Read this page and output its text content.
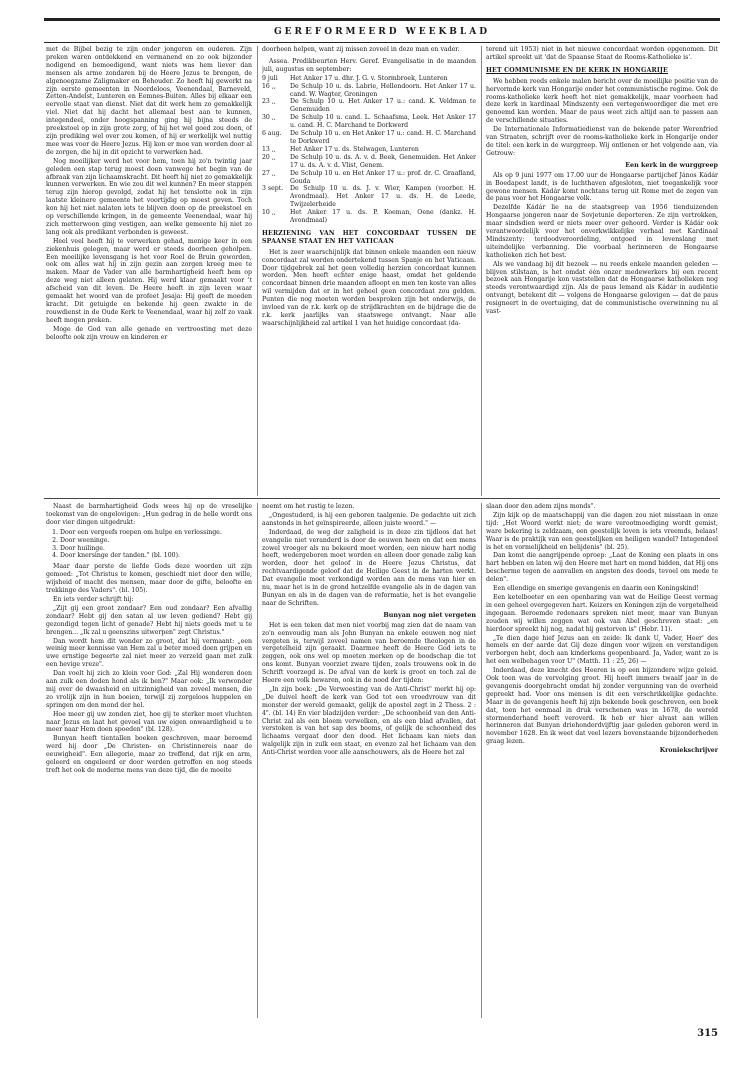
GEREFORMEERD WEEKBLAD

met de Bijbel bezig te zijn onder jongeren en ouderen. Zijn preken waren ontdekkend en vermanend en zo ook bijzonder nodigend en bemoedigend, want niets was hem liever dan mensen als arme zondaren bij de Heere Jezus te brengen, de algenoegzame Zaligmaker en Behouder. Zo heeft hij gewerkt na zijn eerste gemeenten in Noordeloos, Veenendaal, Barneveld, Zetten-Andelst, Lunteren en Eemnes-Buiten. Alles bij elkaar een eervolle staat van dienst. Niet dat dit werk hem zo gemakkelijk viel. Niet dat hij dacht het allemaal best aan te kunnen, integendeel, onder hoogspanning ging hij bijna steeds de preekstoel op in zijn grote zorg, of hij het wel goed zou doen, of zijn prediking wel over zou komen, of hij er werkelijk wel nuttig mee was voor de Heere Jezus. Hij kon er moe van worden door al de zorgen, die hij in dit opzicht te verwerken had.

Nog moeilijker werd het voor hem, toen hij zo'n twintig jaar geleden een stap terug moest doen vanwege het begin van de afbraak van zijn lichaamskracht. Dit heeft hij niet zo gemakkelijk kunnen verwerken. En wie zou dit wel kunnen? En meer stappen terug zijn hierop gevolgd, zodat hij het tenslotte ook in zijn laatste kleinere gemeente het voortijdig op moest geven. Toch kon hij het niet nalaten iets te blijven doen op de preekstoel en op verschillende kringen, in de gemeente Veenendaal, waar hij zich metterwoon ging vestigen, aan welke gemeente hij niet zo lang ook als predikant verbonden is geweest.

Heel veel heeft hij te verwerken gehad, menige keer in een ziekenhuis gelegen, maar werd er steeds doorheen geholpen. Een moeilijke levensgang is het voor Roel de Bruin geworden, ook om alles wat hij in zijn gezin aan zorgen kreeg mee te maken. Maar de Vader van alle barmhartigheid heeft hem op deze weg niet alleen gelaten. Hij werd klaar gemaakt voor 't afscheid van dit leven. De Heere heeft in zijn leven waar gemaakt het woord van de profeet Jesaja: Hij geeft de moeden kracht. Dit getuigde en bekende hij geen zwakte in de rouwdienst in de Oude Kerk te Veenendaal, waar hij zelf zo vaak heeft mogen preken.

Moge de God van alle genade en vertroosting met deze beloofte ook zijn vrouw en kinderen er

doorheen helpen, want zij missen zoveel in deze man en vader.

Assea. Predikbeurten Herv. Geref. Evangelisatie in de maanden juli, augustus en september:

9 juli	Het Anker 17 u. dhr. J. G. v. Stormbroek, Lunteren
16 ,,	De Schulp 10 u. ds. Labrie, Hellendoorn. Het Anker 17 u. cand. W. Wagter, Groningen
23 ,,	De Schulp 10 u. Het Anker 17 u.: cand. K. Veldman te Genemuiden
30 ,,	De Schulp 10 u. cand. L. Schaafsma, Leek. Het Anker 17 u. cand. H. C. Marchand te Dorkwerd
6 aug.	De Schulp 10 u. en Het Anker 17 u.: cand. H. C. Marchand te Dorkwerd
13 ,,	Het Anker 17 u. ds. Stelwagen, Lunteren
20 ,,	De Schulp 10 u. ds. A. v. d. Beek, Genemuiden. Het Anker 17 u. ds. A. v. d. Vlist, Genem.
27 ,,	De Schulp 10 u. en Het Anker 17 u.: prof. dr. C. Graafland, Gouda
3 sept.	De Schulp 10 u. ds. J. v. Wier, Kampen (voorber. H. Avondmaal). Het Anker 17 u. ds. H. de Leede, Twijzelerheide
10 ,,	Het Anker 17 u. ds. P. Koeman, Oene (dankz. H. Avondmaal)
HERZIENING VAN HET CONCORDAAT TUSSEN DE SPAANSE STAAT EN HET VATICAAN

Het is zeer waarschijnlijk dat binnen enkele maanden een nieuw concordaat zal worden ondertekend tussen Spanje en het Vaticaan. Door tijdgebrek zal het geen volledig herzien concordaat kunnen worden. Men heeft echter enige haast, omdat het geldende concordaat binnen drie maanden afloopt en men ten koste van alles wil vermijden dat er in het geheel geen concordaat zou gelden. Punten die nog moeten worden besproken zijn het onderwijs, de invloed van de r.k. kerk op de strijdkrachten en de bijdrage die de r.k. kerk jaarlijks van staatswege ontvangt. Naar alle waarschijnlijkheid zal artikel 1 van het huidige concordaat (da-

terend uit 1953) niet in het nieuwe concordaat worden opgenomen. Dit artikel spreekt uit 'dat de Spaanse Staat de Rooms-Katholieke is'.

HET COMMUNISME EN DE KERK IN HONGARIJE

We hebben reeds enkele malen bericht over de moeilijke positie van de hervormde kerk van Hongarije onder het communistische regime. Ook de rooms-katholieke kerk heeft het niet gemakkelijk, maar voorheen had deze kerk in kardinaal Mindszenty een vertegenwoordiger die met ere genoemd kan worden. Maar de paus weet zich altijd aan te passen aan de verschillende situaties.

De Internationale Informatiedienst van de bekende pater Werenfried van Straaten, schrijft over de rooms-katholieke kerk in Hongarije onder de titel: een kerk in de wurggreep. Wij ontlenen er het volgende aan, via Getrouw:

Een kerk in de wurggreep

Als op 9 juni 1977 om 17.00 uur de Hongaarse partijchef János Kádár in Boedapest landt, is de luchthaven afgesloten, niet toegankelijk voor gewone mensen. Kádár komt nochtans terug uit Rome met de zegen van de paus voor het Hongaarse volk.

Dezelfde Kádár lie na de staatsgreep van 1956 tienduizenden Hongaarse jongeren naar de Sovjetunie deporteren. Ze zijn vertrokken, maar sindsdien werd er niets meer over gehoord. Verder is Kádár ook verantwoordelijk voor het onverkwikkelijke verhaal met Kardinaal Mindszenty: terdoodveroordeling, ontgoed in levenslang met uiteindelijke verbanning. Die voorbaal herinneren de Hongaarse katholieken zich het best.

Als we vandaag bij dit bezoek — nu reeds enkele maanden geleden — blijven stilstaan, is het omdat één onzer medewerkers bij een recent bezoek aan Hongarije kon vaststellen dat de Hongaarse katholieken nog steeds verontwaardigd zijn. Als de paus lemand als Kádár in audiëntie ontvangt, betekent dit — volgens de Hongaarse gelovigen — dat de paus resigneert in de overtuiging, dat de communistische overwinning nu al vast-

Naast de barmhartigheid Gods wees hij op de vreselijke toekomst van de ongelovigen: „Hun gedrag in de helle wordt ons door vier dingen uitgedrukt:

1. Door een vergeefs roepen om hulpe en verlossinge.
2. Door weeninge.
3. Door huilinge.
4. Door knersinge der tanden." (bl. 100).

Maar daar perste de liefde Gods deze woorden uit zijn gemoed: „Tot Christus te komen, geschiedt niet door den wille, wijsheid of macht des mensen, maar door de gifte, beloofte en trekkinge des Vaders". (bl. 105).

En iets verder schrijft hij:

„Zijt gij een groot zondaar? Een oud zondaar? Een afvallig zondaar? Hebt gij den satan al uw leven gediend? Hebt gij gezondigd tegen licht of genade? Hebt hij niets goeds met u te brengen... „Ik zal u geenszins uitwerpen" zegt Christus."

Dan wordt hem dit wonder zo groot, dat hij vermaant: „een weinig meer kennisse van Hem zal u beter moed doen grijpen en uwe ernstige begeerte zal niet meer zo verzeld gaan met zulk een hevige vreze".

Dan voelt hij zich zo klein voor God: „Zal Hij wonderen doen aan zulk een doden hond als ik ben?" Maar ook: „Ik verwonder mij over de dwaasheid en uitzinnigheid van zoveel mensen, die zo vrolijk zijn in hun boeien, terwijl zij zorgeloos huppelen en springen om den mond der hel.

Hoe meer gij uw zonden ziet, hoe gij te sterker moet vluchten naar Jezus en laat het gevoel van uw eigen onwaardigheid u te meer naar Hem doen spoeden" (bl. 128).

Bunyan heeft tientallen boeken geschreven, maar beroemd werd hij door „De Christen- en Christinnereis naar de eeuwigheid". Een allegorie, maar zo treffend, dat rijk en arm, geleerd en ongeleerd er door werden getroffen en nog steeds treft het ook de moderne mens van deze tijd, die de moeite

neemt om het rustig te lezen.

„Ongestuderd, is hij een geboren taalgenie. De gedachte uit zich aanstonds in het geïnspireerde, alleen juiste woord." —

Inderdaad, de weg der zaligheid is in deze zin tijdloos dat het evangelie niet veranderd is door de eeuwen heen en dat een mens zowel vroeger als nu bekeerd moet worden, een nieuw hart nodig heeft, wedergeboren moet worden en alleen door genade zalig kan worden, door het geloof in de Heere Jezus Christus, dat rechtvaardigende geloof dat de Heilige Geest in de harten werkt. Dat evangelie moet verkondigd worden aan de mens van hier en nu, maar het is in de grond hetzelfde evangelie als in de dagen van Bunyan en als in de dagen van de reformatie, het is het evangelie naar de Schriften.

Bunyan nog niet vergeten

Het is een teken dat men niet voorbij mag zien dat de naam van zo'n eenvoudig man als John Bunyan na enkele eeuwen nog niet vergeten is, terwijl zoveel namen van beroemde theologen in de vergetelheid zijn geraakt. Daarmee heeft de Heere God iets te zeggen, ook ons wel op moeten merken op de boodschap die tot ons komt. Bunyan voorziet zware tijden, zoals trouwens ook in de Schrift voorzegd is. De afval van de kerk is groot en toch zal de Heere een volk bewaren, ook in de nood der tijden:

„In zijn boek: „De Verwoesting van de Anti-Christ" merkt hij op: „De duivel heeft de kerk van God tot een vroedvrouw van dit monster der wereld gemaakt, gelijk de apostel zegt in 2 Thess. 2 : 4". (bl. 14) En vier bladzijden verder: „De schoonheid van den Anti-Christ zal als een bloem verwelken, en als een blad afvallen, dat verstoken is van het sap des booms, of gelijk de schoonheid des lichaams vergaat door den dood. Het lichaam kan niets dan walgelijk zijn in zulk een staat, en evenzo zal het lichaam van den Anti-Christ worden voor alle aanschouwers, als de Heere het zal

slaan door den adem zijns monds".

Zijn kijk op de maatschappij van die dagen zou niet misstaan in onze tijd: „Het Woord werkt niet; de ware verootmoediging wordt gemist, ware bekering is zeldzaam, een geestelijk leven is iets vreemds, helaas! Waar is de praktijk van een geestelijken en heiligen wandel? Integendeel is het en vormelijkheid en belijdenis" (bl. 25).

Dan komt die aangrijpende oproep: „Laat de Koning een plaats in ons hart hebben en laten wij den Heere met hart en mond bidden, dat Hij ons bescherme tegen de aanvallen en angsten des doods, tevoel om mede te delen".

Een ellendige en smerige gevangenis en daarin een Koningskind!

Een ketelboeter en een openbaring van wat de Heilige Geest vermag in een geheel overgegeven hart. Keizers en Koningen zijn de vergetelheid ingegaan. Beroemde redenaars spreken niet meer, maar van Bunyan zouden wij willen zeggen wat ook van Abel geschreven staat: „en hierdoor spreekt hij nog, nadat hij gestorven is" (Hebr. 11).

„Te dien dage hief Jezus aan en zeide: Ik dank U, Vader, Heer' des hemels en der aarde dat Gij deze dingen voor wijzen en verstandigen verborgen hebt, doch aan kinderkens geopenbaard. Ja, Vader, want zo is het een welbehagen voor U" (Matth. 11 : 25, 26) —

Inderdaad, deze knecht des Heeren is op een bijzondere wijze geleid. Ook toen was de vervolging groot. Hij heeft immers twaalf jaar in de gevangenis doorgebracht omdat hij zonder vergunning van de overheid gepreekt had. Voor ons mensen is dit een verschrikkelijke gedachte. Maar in de gevangenis heeft hij zijn bekende boek geschreven, een boek dat, toen het eenmaal in druk verschenen was in 1678, de wereld stormenderhand heeft veroverd. Ik heb er hier alvast aan willen herinneren dat Bunyan driehonderdvijftig jaar geleden geboren werd in november 1628. En ik weet dat veel lezers bovenstaande bijzonderheden graag lezen.

Kroniekschrijver
315
